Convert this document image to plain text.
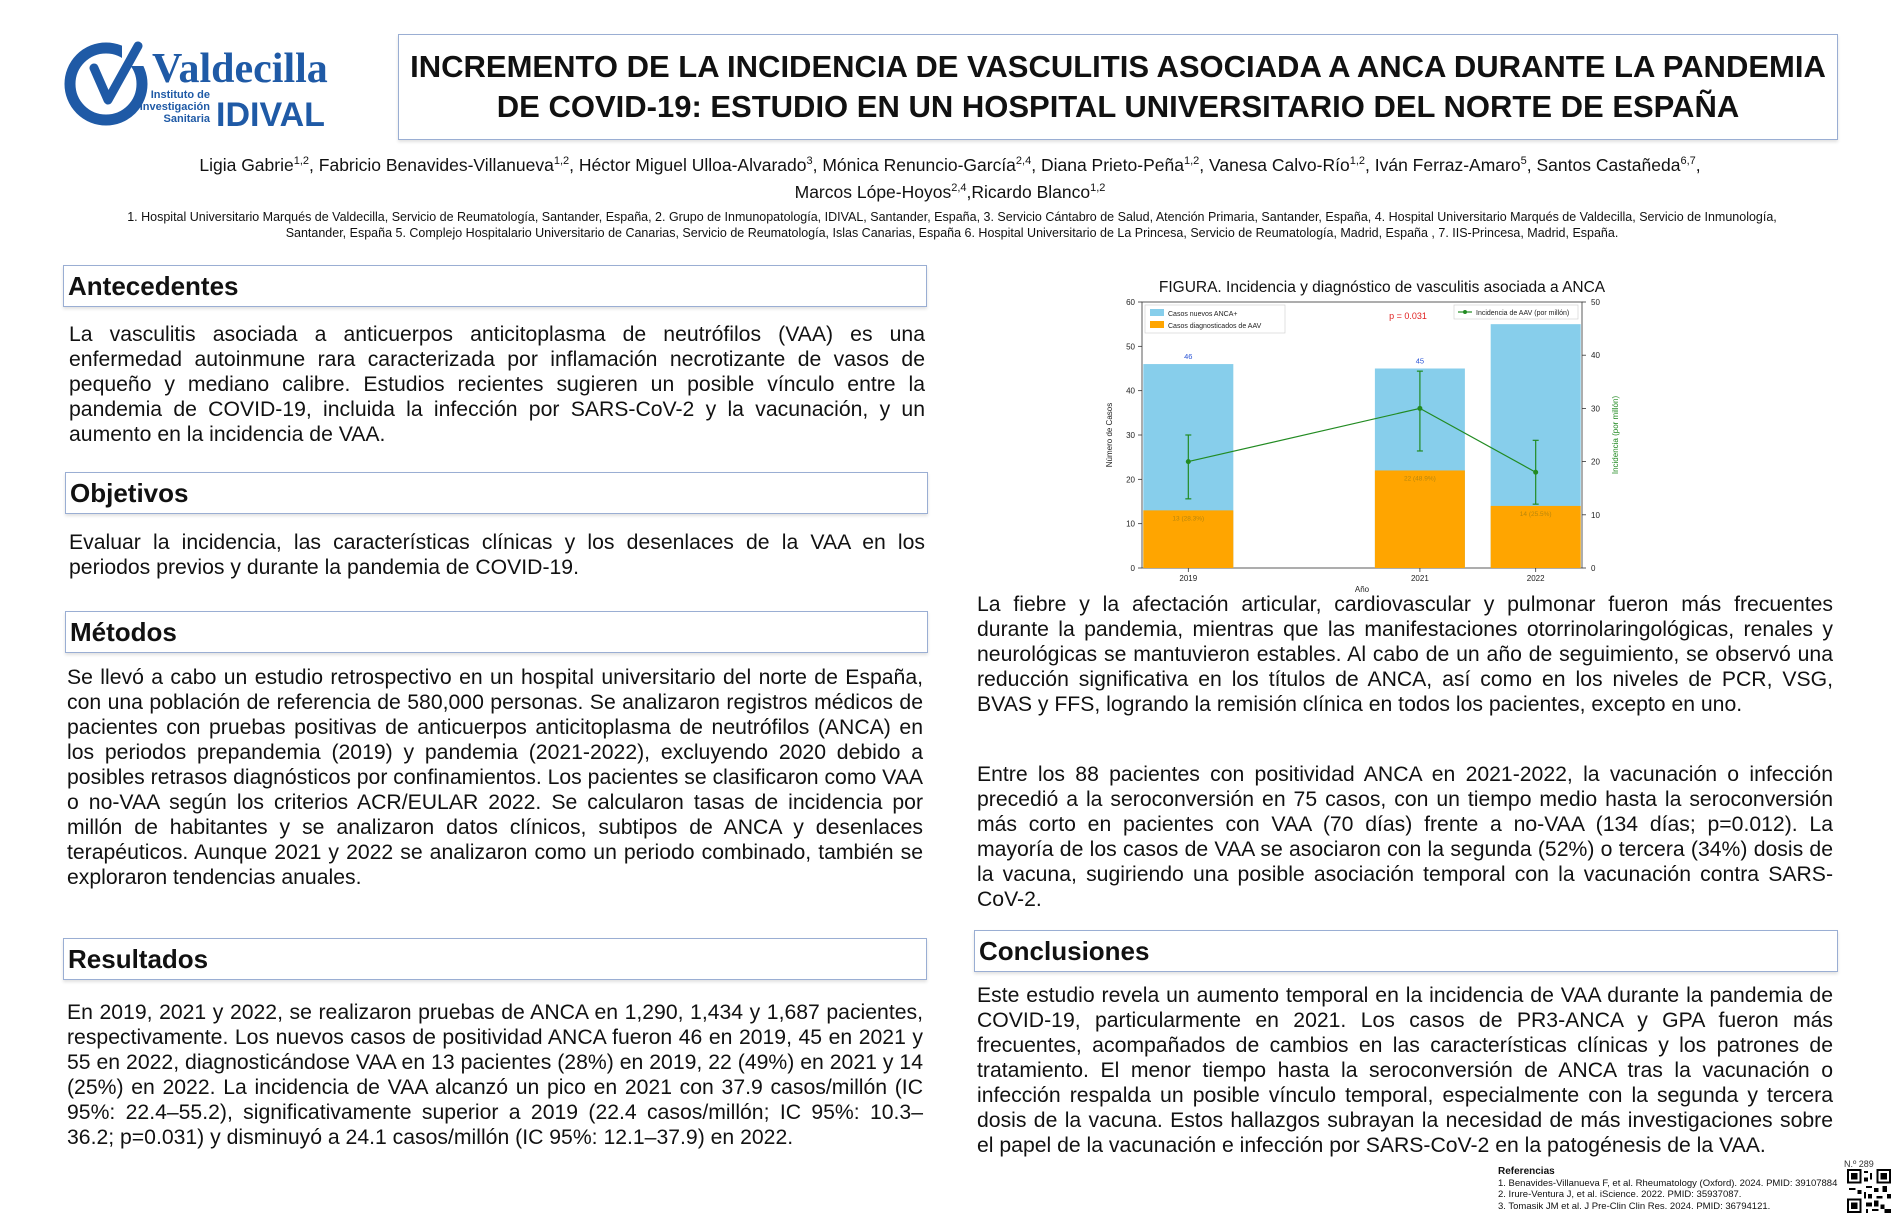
Valdecilla
Instituto de
Investigación
Sanitaria IDIVAL
INCREMENTO DE LA INCIDENCIA DE VASCULITIS ASOCIADA A ANCA DURANTE LA PANDEMIA
DE COVID-19: ESTUDIO EN UN HOSPITAL UNIVERSITARIO DEL NORTE DE ESPAÑA
Ligia Gabrie$^{1,2}$, Fabricio Benavides-Villanueva$^{1,2}$, Héctor Miguel Ulloa-Alvarado$^3$, Mónica Renuncio-García$^{2,4}$, Diana Prieto-Peña$^{1,2}$, Vanesa Calvo-Río$^{1,2}$, Iván Ferraz-Amaro$^5$, Santos Castañeda$^{6,7}$,
Marcos Lópe-Hoyos$^{2,4}$,Ricardo Blanco$^{1,2}$
1. Hospital Universitario Marqués de Valdecilla, Servicio de Reumatología, Santander, España, 2. Grupo de Inmunopatología, IDIVAL, Santander, España, 3. Servicio Cántabro de Salud, Atención Primaria, Santander, España, 4. Hospital Universitario Marqués de Valdecilla, Servicio de Inmunología, Santander, España 5. Complejo Hospitalario Universitario de Canarias, Servicio de Reumatología, Islas Canarias, España 6. Hospital Universitario de La Princesa, Servicio de Reumatología, Madrid, España , 7. IIS-Princesa, Madrid, España.
Antecedentes
La vasculitis asociada a anticuerpos anticitoplasma de neutrófilos (VAA) es una enfermedad autoinmune rara caracterizada por inflamación necrotizante de vasos de pequeño y mediano calibre. Estudios recientes sugieren un posible vínculo entre la pandemia de COVID-19, incluida la infección por SARS-CoV-2 y la vacunación, y un aumento en la incidencia de VAA.
Objetivos
Evaluar la incidencia, las características clínicas y los desenlaces de la VAA en los periodos previos y durante la pandemia de COVID-19.
Métodos
Se llevó a cabo un estudio retrospectivo en un hospital universitario del norte de España, con una población de referencia de 580,000 personas. Se analizaron registros médicos de pacientes con pruebas positivas de anticuerpos anticitoplasma de neutrófilos (ANCA) en los periodos prepandemia (2019) y pandemia (2021-2022), excluyendo 2020 debido a posibles retrasos diagnósticos por confinamientos. Los pacientes se clasificaron como VAA o no-VAA según los criterios ACR/EULAR 2022. Se calcularon tasas de incidencia por millón de habitantes y se analizaron datos clínicos, subtipos de ANCA y desenlaces terapéuticos. Aunque 2021 y 2022 se analizaron como un periodo combinado, también se exploraron tendencias anuales.
Resultados
En 2019, 2021 y 2022, se realizaron pruebas de ANCA en 1,290, 1,434 y 1,687 pacientes, respectivamente. Los nuevos casos de positividad ANCA fueron 46 en 2019, 45 en 2021 y 55 en 2022, diagnosticándose VAA en 13 pacientes (28%) en 2019, 22 (49%) en 2021 y 14 (25%) en 2022. La incidencia de VAA alcanzó un pico en 2021 con 37.9 casos/millón (IC 95%: 22.4–55.2), significativamente superior a 2019 (22.4 casos/millón; IC 95%: 10.3–36.2; p=0.031) y disminuyó a 24.1 casos/millón (IC 95%: 12.1–37.9) en 2022.
FIGURA. Incidencia y diagnóstico de vasculitis asociada a ANCA
0
10
20
30
40
50
60
0
10
20
30
40
50
46
13 (28.3%)
2019
45
22 (48.9%)
2021
14 (25.5%)
2022
p = 0.031
Casos nuevos ANCA+
Casos diagnosticados de AAV
Incidencia de AAV (por millón)
Año
Número de Casos	Incidencia (por millón)
La fiebre y la afectación articular, cardiovascular y pulmonar fueron más frecuentes durante la pandemia, mientras que las manifestaciones otorrinolaringológicas, renales y neurológicas se mantuvieron estables. Al cabo de un año de seguimiento, se observó una reducción significativa en los títulos de ANCA, así como en los niveles de PCR, VSG, BVAS y FFS, logrando la remisión clínica en todos los pacientes, excepto en uno.
Entre los 88 pacientes con positividad ANCA en 2021-2022, la vacunación o infección precedió a la seroconversión en 75 casos, con un tiempo medio hasta la seroconversión más corto en pacientes con VAA (70 días) frente a no-VAA (134 días; p=0.012). La mayoría de los casos de VAA se asociaron con la segunda (52%) o tercera (34%) dosis de la vacuna, sugiriendo una posible asociación temporal con la vacunación contra SARS-CoV-2.
Conclusiones
Este estudio revela un aumento temporal en la incidencia de VAA durante la pandemia de COVID-19, particularmente en 2021. Los casos de PR3-ANCA y GPA fueron más frecuentes, acompañados de cambios en las características clínicas y los patrones de tratamiento. El menor tiempo hasta la seroconversión de ANCA tras la vacunación o infección respalda un posible vínculo temporal, especialmente con la segunda y tercera dosis de la vacuna. Estos hallazgos subrayan la necesidad de más investigaciones sobre el papel de la vacunación e infección por SARS-CoV-2 en la patogénesis de la VAA.
Referencias
1. Benavides-Villanueva F, et al. Rheumatology (Oxford). 2024. PMID: 39107884
2. Irure-Ventura J, et al. iScience. 2022. PMID: 35937087.
3. Tomasik JM et al. J Pre-Clin Clin Res. 2024. PMID: 36794121.
N.º 289
